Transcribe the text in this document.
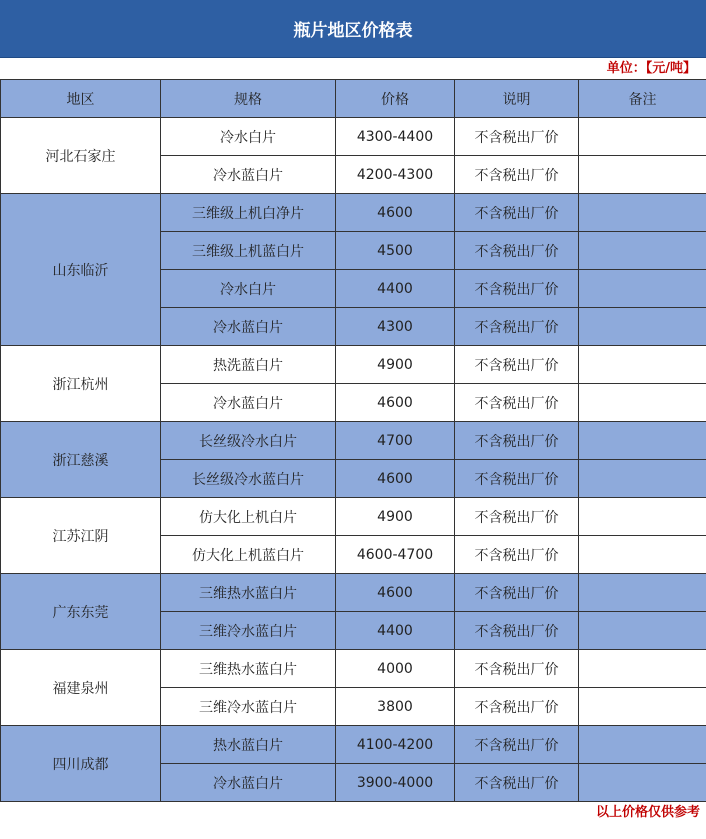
瓶片地区价格表
单位：【元/吨】
地区	规格	价格	说明	备注
河北石家庄	冷水白片	4300-4400	不含税出厂价	
	冷水蓝白片	4200-4300	不含税出厂价	
山东临沂	三维级上机白净片	4600	不含税出厂价	
	三维级上机蓝白片	4500	不含税出厂价	
	冷水白片	4400	不含税出厂价	
	冷水蓝白片	4300	不含税出厂价	
浙江杭州	热洗蓝白片	4900	不含税出厂价	
	冷水蓝白片	4600	不含税出厂价	
浙江慈溪	长丝级冷水白片	4700	不含税出厂价	
	长丝级冷水蓝白片	4600	不含税出厂价	
江苏江阴	仿大化上机白片	4900	不含税出厂价	
	仿大化上机蓝白片	4600-4700	不含税出厂价	
广东东莞	三维热水蓝白片	4600	不含税出厂价	
	三维冷水蓝白片	4400	不含税出厂价	
福建泉州	三维热水蓝白片	4000	不含税出厂价	
	三维冷水蓝白片	3800	不含税出厂价	
四川成都	热水蓝白片	4100-4200	不含税出厂价	
	冷水蓝白片	3900-4000	不含税出厂价	
以上价格仅供参考
